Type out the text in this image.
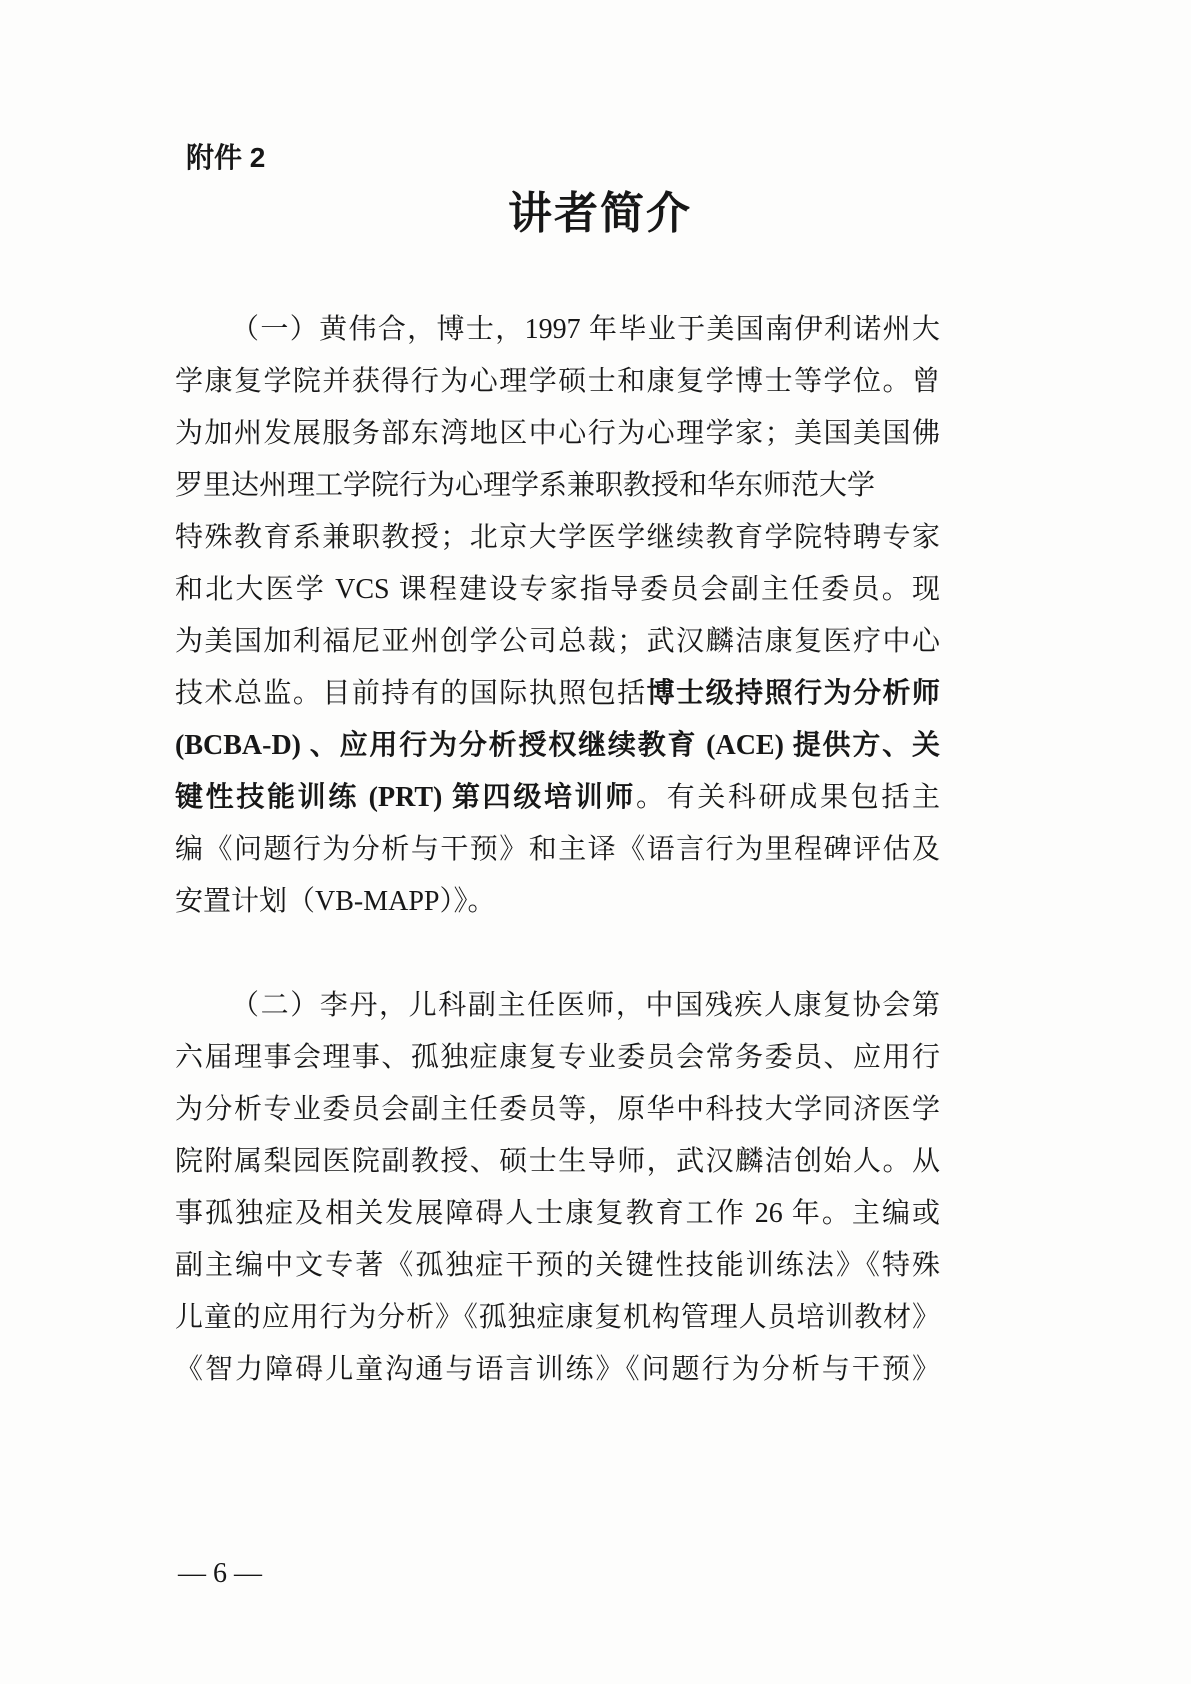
附件 2
讲者简介
（一）黄伟合，博士，1997 年毕业于美国南伊利诺州大
学康复学院并获得行为心理学硕士和康复学博士等学位。曾
为加州发展服务部东湾地区中心行为心理学家；美国美国佛
罗里达州理工学院行为心理学系兼职教授和华东师范大学
特殊教育系兼职教授；北京大学医学继续教育学院特聘专家
和北大医学 VCS 课程建设专家指导委员会副主任委员。现
为美国加利福尼亚州创学公司总裁；武汉麟洁康复医疗中心
技术总监。目前持有的国际执照包括博士级持照行为分析师
(BCBA-D) 、应用行为分析授权继续教育 (ACE) 提供方、关
键性技能训练 (PRT) 第四级培训师。有关科研成果包括主
编《问题行为分析与干预》和主译《语言行为里程碑评估及
安置计划（VB-MAPP）》。
（二）李丹，儿科副主任医师，中国残疾人康复协会第
六届理事会理事、孤独症康复专业委员会常务委员、应用行
为分析专业委员会副主任委员等，原华中科技大学同济医学
院附属梨园医院副教授、硕士生导师，武汉麟洁创始人。从
事孤独症及相关发展障碍人士康复教育工作 26 年。主编或
副主编中文专著《孤独症干预的关键性技能训练法》《特殊
儿童的应用行为分析》《孤独症康复机构管理人员培训教材》
《智力障碍儿童沟通与语言训练》《问题行为分析与干预》
— 6 —
